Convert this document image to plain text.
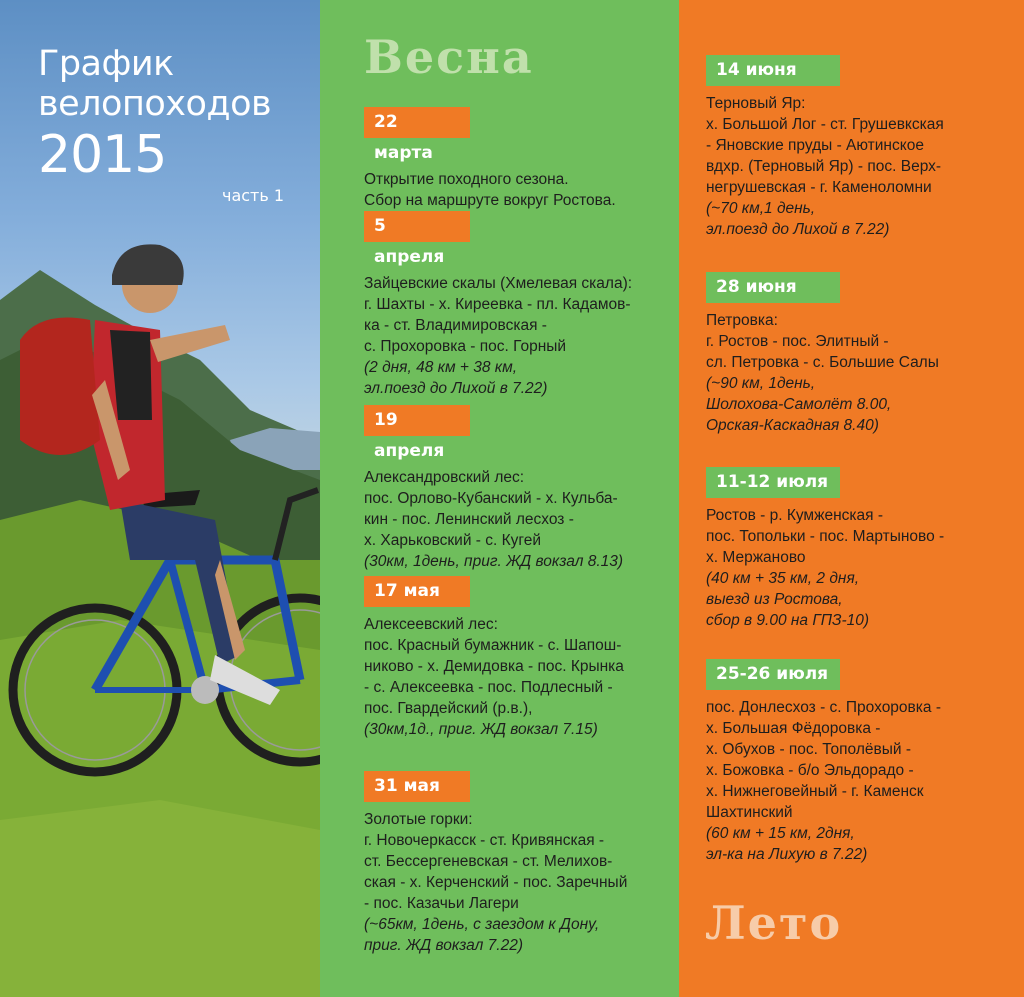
График
велопоходов
2015
часть 1
Весна
22 марта
Открытие походного сезона.
Сбор на маршруте вокруг Ростова.
5 апреля
Зайцевские скалы (Хмелевая скала):
г. Шахты - х. Киреевка - пл. Кадамов-
ка - ст. Владимировская -
с. Прохоровка - пос. Горный
(2 дня, 48 км + 38 км,
эл.поезд до Лихой в 7.22)
19 апреля
Александровский лес:
пос. Орлово-Кубанский - х. Кульба-
кин - пос. Ленинский лесхоз -
х. Харьковский - с. Кугей
(30км, 1день, приг. ЖД вокзал 8.13)
17 мая
Алексеевский лес:
пос. Красный бумажник - с. Шапош-
никово - х. Демидовка - пос. Крынка
- с. Алексеевка - пос. Подлесный -
пос. Гвардейский (р.в.),
(30км,1д., приг. ЖД вокзал 7.15)
31 мая
Золотые горки:
г. Новочеркасск - ст. Кривянская -
ст. Бессергеневская - ст. Мелихов-
ская - х. Керченский - пос. Заречный
- пос. Казачьи Лагери
(~65км, 1день, с заездом к Дону,
приг. ЖД вокзал 7.22)
14 июня
Терновый Яр:
х. Большой Лог - ст. Грушевкская
- Яновские пруды - Аютинское
вдхр. (Терновый Яр) - пос. Верх-
негрушевская - г. Каменоломни
(~70 км,1 день,
эл.поезд до Лихой в 7.22)
28 июня
Петровка:
г. Ростов - пос. Элитный -
сл. Петровка - с. Большие Салы
(~90 км, 1день,
Шолохова-Самолёт 8.00,
Орская-Каскадная 8.40)
11-12 июля
Ростов - р. Кумженская -
пос. Топольки - пос. Мартыново -
х. Мержаново
(40 км + 35 км, 2 дня,
выезд из Ростова,
сбор в 9.00 на ГПЗ-10)
25-26 июля
пос. Донлесхоз - с. Прохоровка -
х. Большая Фёдоровка -
х. Обухов - пос. Тополёвый -
х. Божовка - б/о Эльдорадо -
х. Нижнеговейный - г. Каменск
Шахтинский
(60 км + 15 км, 2дня,
эл-ка на Лихую в 7.22)
Лето
